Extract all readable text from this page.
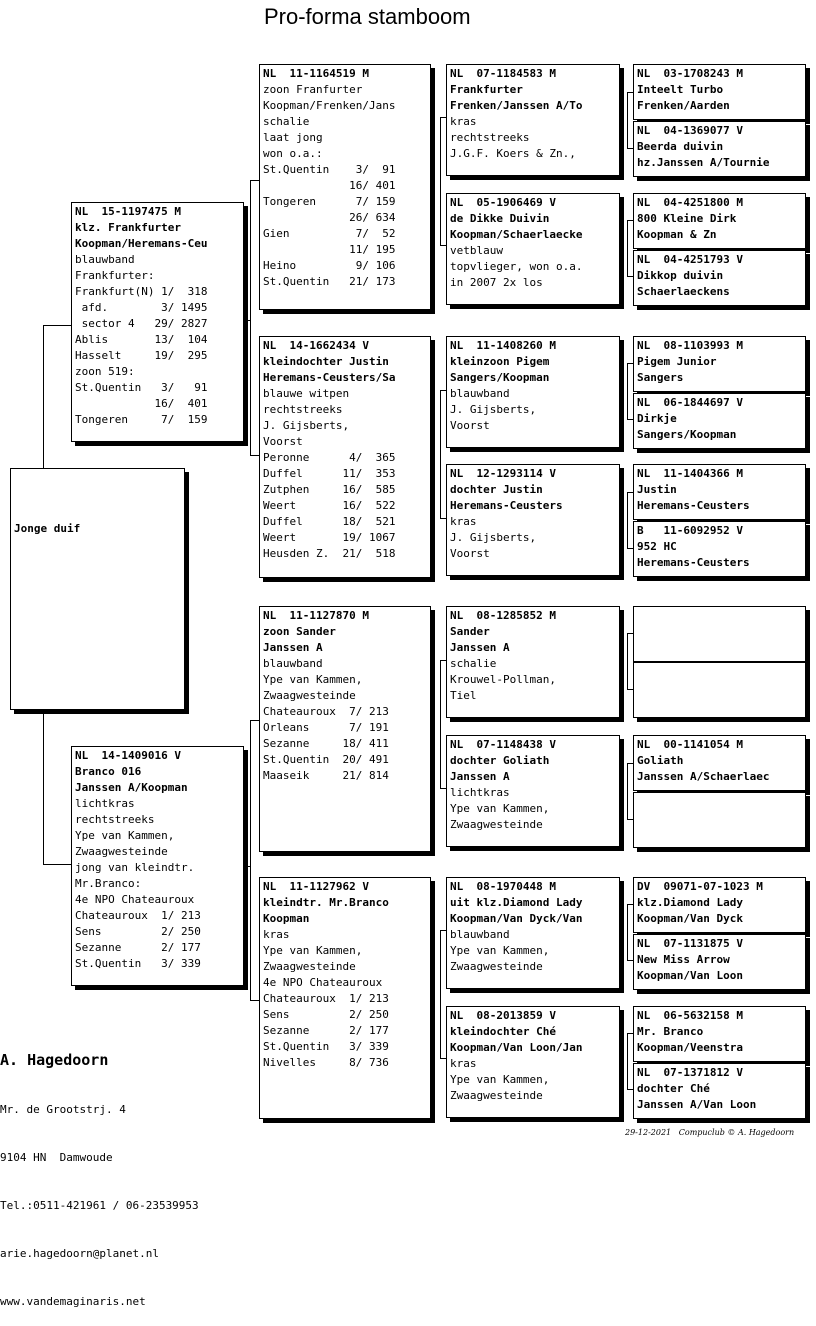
Pro-forma stamboom

Jonge duif

NL  15-1197475 M
klz. Frankfurter
Koopman/Heremans-Ceu
blauwband
Frankfurter:
Frankfurt(N) 1/  318
afd.        3/ 1495
sector 4   29/ 2827
Ablis       13/  104
Hasselt     19/  295
zoon 519:
St.Quentin   3/   91
16/  401
Tongeren     7/  159
NL  14-1409016 V
Branco 016
Janssen A/Koopman
lichtkras
rechtstreeks
Ype van Kammen,
Zwaagwesteinde
jong van kleindtr.
Mr.Branco:
4e NPO Chateauroux
Chateauroux  1/ 213
Sens         2/ 250
Sezanne      2/ 177
St.Quentin   3/ 339
NL  11-1164519 M
zoon Franfurter
Koopman/Frenken/Jans
schalie
laat jong
won o.a.:
St.Quentin    3/  91
16/ 401
Tongeren      7/ 159
26/ 634
Gien          7/  52
11/ 195
Heino         9/ 106
St.Quentin   21/ 173
NL  14-1662434 V
kleindochter Justin
Heremans-Ceusters/Sa
blauwe witpen
rechtstreeks
J. Gijsberts,
Voorst
Peronne      4/  365
Duffel      11/  353
Zutphen     16/  585
Weert       16/  522
Duffel      18/  521
Weert       19/ 1067
Heusden Z.  21/  518
NL  11-1127870 M
zoon Sander
Janssen A
blauwband
Ype van Kammen,
Zwaagwesteinde
Chateauroux  7/ 213
Orleans      7/ 191
Sezanne     18/ 411
St.Quentin  20/ 491
Maaseik     21/ 814
NL  11-1127962 V
kleindtr. Mr.Branco
Koopman
kras
Ype van Kammen,
Zwaagwesteinde
4e NPO Chateauroux
Chateauroux  1/ 213
Sens         2/ 250
Sezanne      2/ 177
St.Quentin   3/ 339
Nivelles     8/ 736
NL  07-1184583 M
Frankfurter
Frenken/Janssen A/To
kras
rechtstreeks
J.G.F. Koers & Zn.,
NL  05-1906469 V
de Dikke Duivin
Koopman/Schaerlaecke
vetblauw
topvlieger, won o.a.
in 2007 2x los
NL  11-1408260 M
kleinzoon Pigem
Sangers/Koopman
blauwband
J. Gijsberts,
Voorst
NL  12-1293114 V
dochter Justin
Heremans-Ceusters
kras
J. Gijsberts,
Voorst
NL  08-1285852 M
Sander
Janssen A
schalie
Krouwel-Pollman,
Tiel
NL  07-1148438 V
dochter Goliath
Janssen A
lichtkras
Ype van Kammen,
Zwaagwesteinde
NL  08-1970448 M
uit klz.Diamond Lady
Koopman/Van Dyck/Van
blauwband
Ype van Kammen,
Zwaagwesteinde
NL  08-2013859 V
kleindochter Ché
Koopman/Van Loon/Jan
kras
Ype van Kammen,
Zwaagwesteinde
NL  03-1708243 M
Inteelt Turbo
Frenken/Aarden
NL  04-1369077 V
Beerda duivin
hz.Janssen A/Tournie
NL  04-4251800 M
800 Kleine Dirk
Koopman & Zn
NL  04-4251793 V
Dikkop duivin
Schaerlaeckens
NL  08-1103993 M
Pigem Junior
Sangers
NL  06-1844697 V
Dirkje
Sangers/Koopman
NL  11-1404366 M
Justin
Heremans-Ceusters
B   11-6092952 V
952 HC
Heremans-Ceusters
NL  00-1141054 M
Goliath
Janssen A/Schaerlaec
DV  09071-07-1023 M
klz.Diamond Lady
Koopman/Van Dyck
NL  07-1131875 V
New Miss Arrow
Koopman/Van Loon
NL  06-5632158 M
Mr. Branco
Koopman/Veenstra
NL  07-1371812 V
dochter Ché
Janssen A/Van Loon

A. Hagedoorn

Mr. de Grootstrj. 4

9104 HN  Damwoude

Tel.:0511-421961 / 06-23539953

arie.hagedoorn@planet.nl

www.vandemaginaris.net

29-12-2021   Compuclub © A. Hagedoorn
